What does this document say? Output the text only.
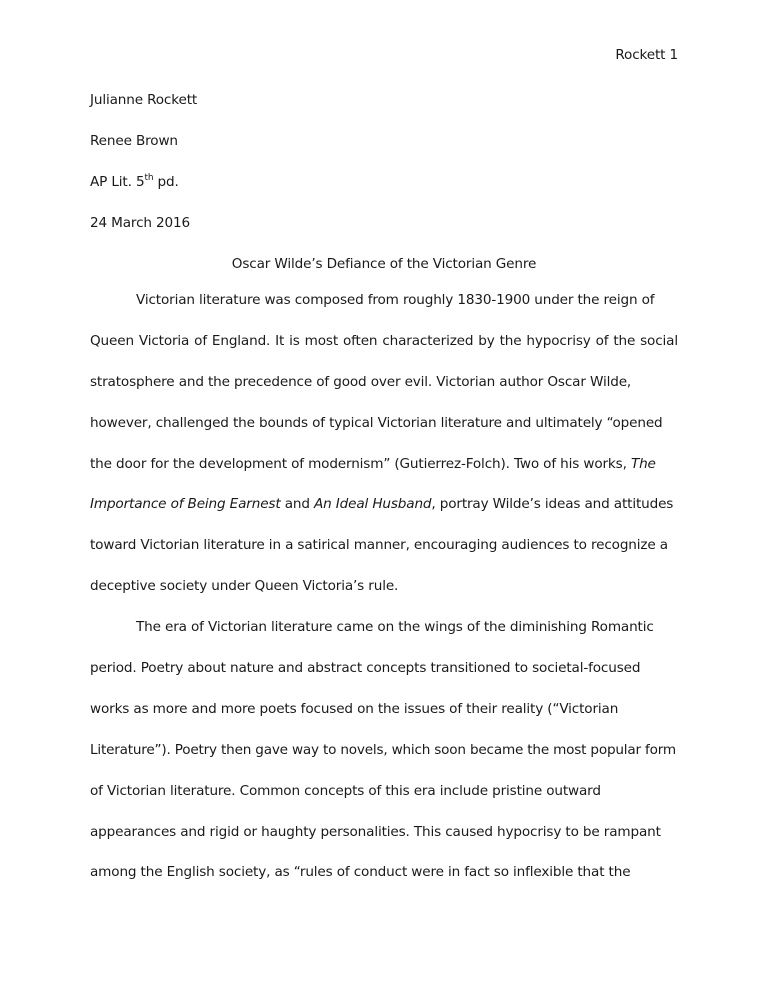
Rockett 1
Julianne Rockett
Renee Brown
AP Lit. 5th pd.
24 March 2016
Oscar Wilde’s Defiance of the Victorian Genre
Victorian literature was composed from roughly 1830-1900 under the reign of
Queen Victoria of England. It is most often characterized by the hypocrisy of the social
stratosphere and the precedence of good over evil. Victorian author Oscar Wilde,
however, challenged the bounds of typical Victorian literature and ultimately “opened
the door for the development of modernism” (Gutierrez-Folch). Two of his works, The
Importance of Being Earnest and An Ideal Husband, portray Wilde’s ideas and attitudes
toward Victorian literature in a satirical manner, encouraging audiences to recognize a
deceptive society under Queen Victoria’s rule.
The era of Victorian literature came on the wings of the diminishing Romantic
period. Poetry about nature and abstract concepts transitioned to societal-focused
works as more and more poets focused on the issues of their reality (“Victorian
Literature”). Poetry then gave way to novels, which soon became the most popular form
of Victorian literature. Common concepts of this era include pristine outward
appearances and rigid or haughty personalities. This caused hypocrisy to be rampant
among the English society, as “rules of conduct were in fact so inflexible that the
